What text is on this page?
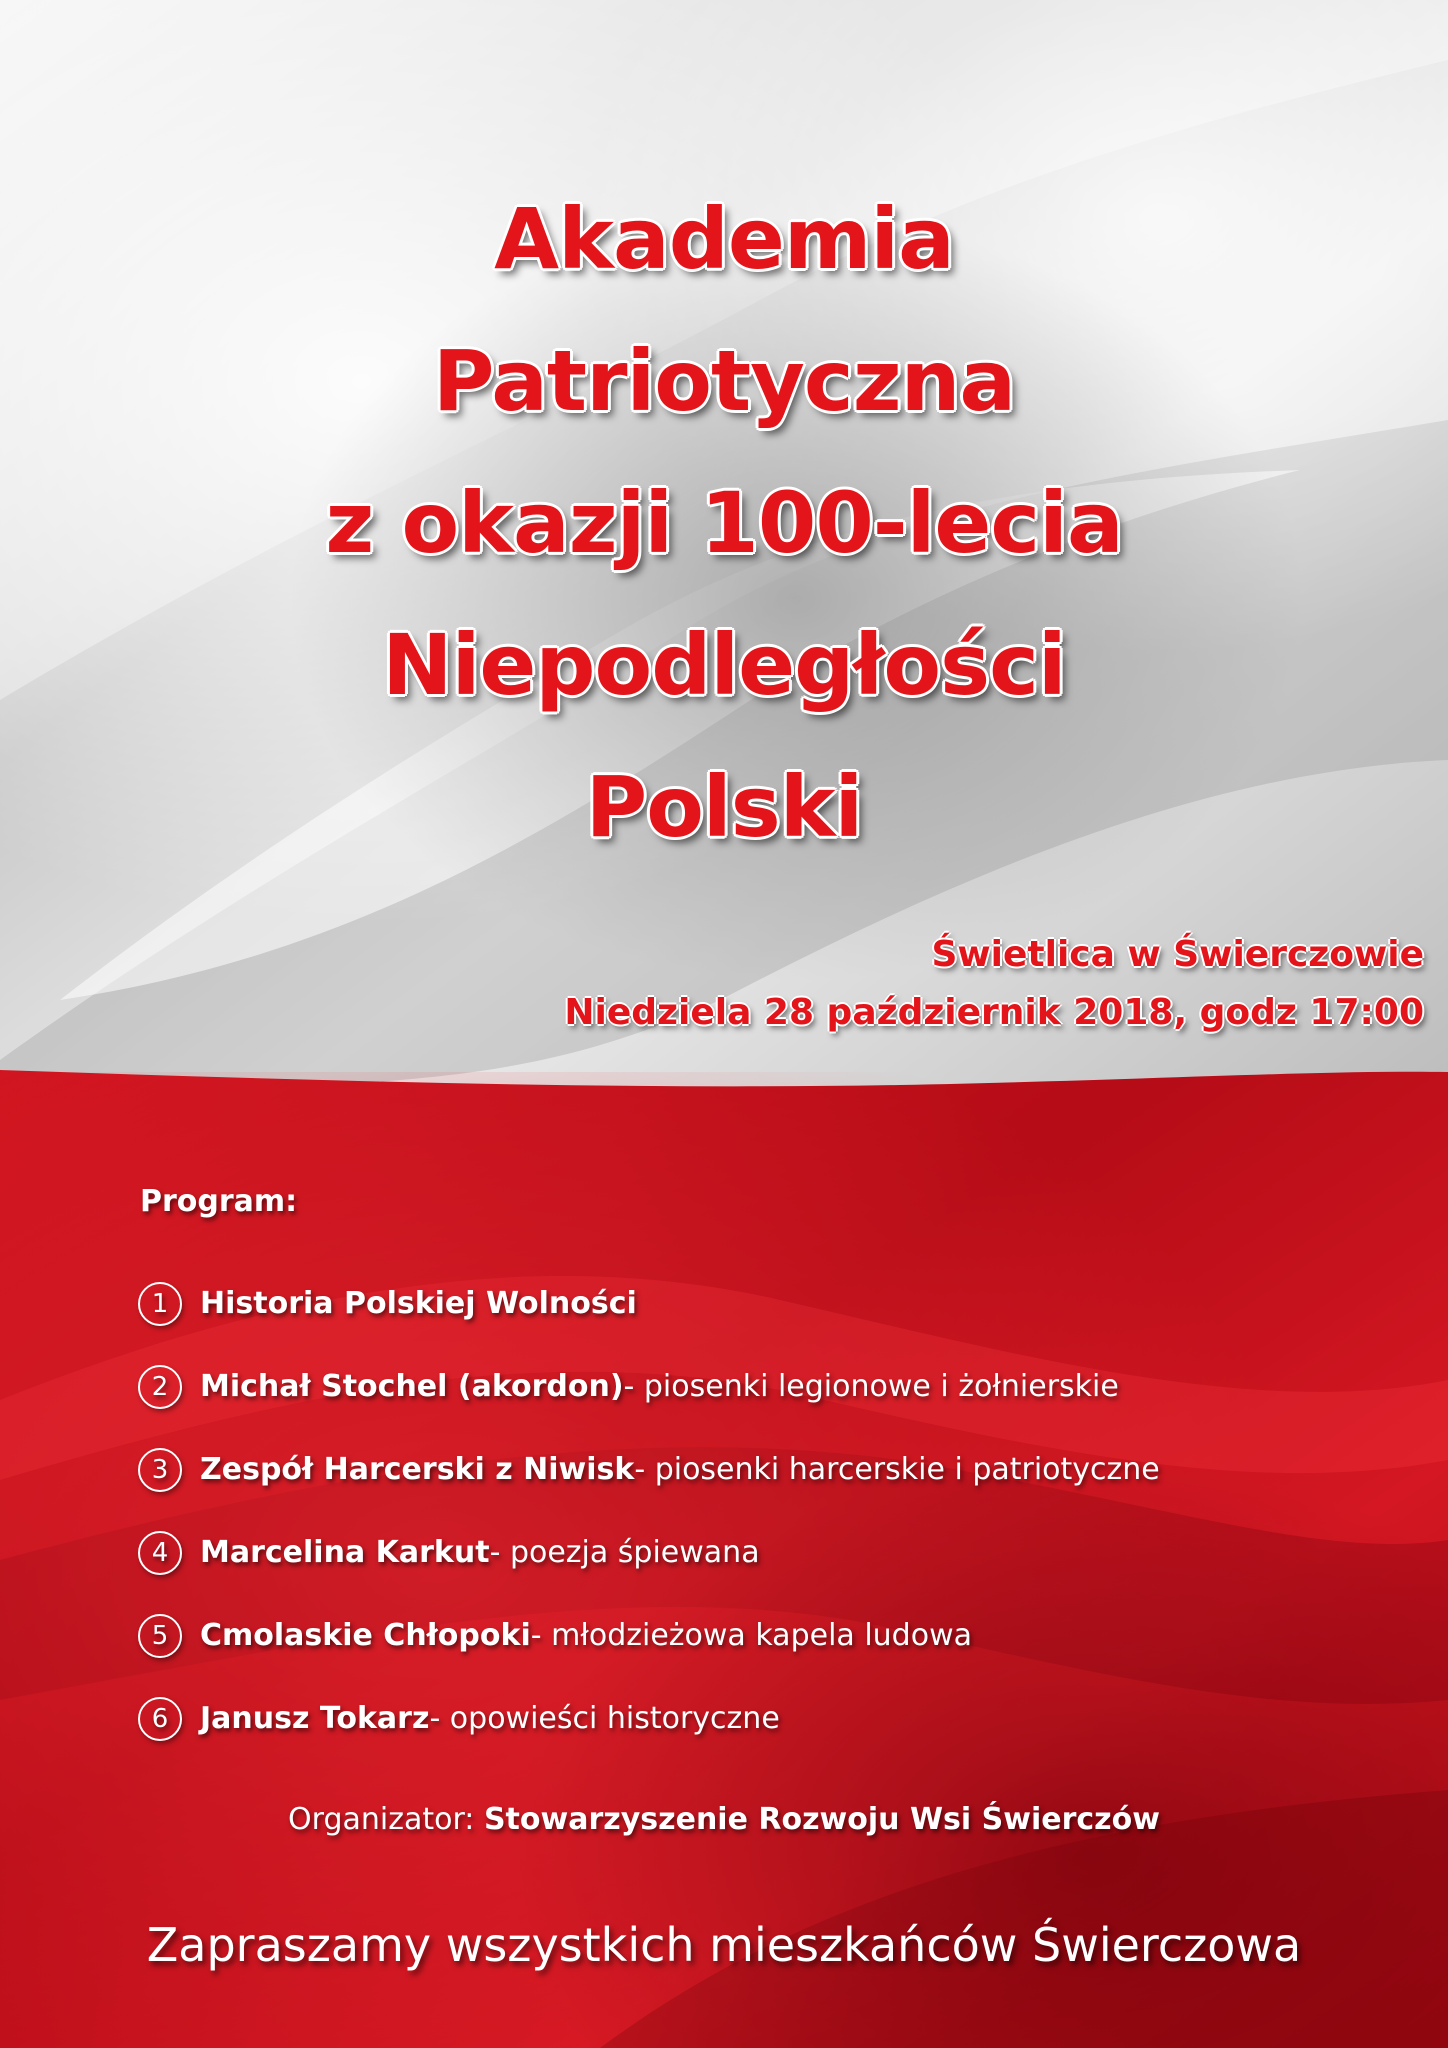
Akademia
Patriotyczna
z okazji 100-lecia
Niepodległości
Polski
Świetlica w Świerczowie
Niedziela 28 październik 2018, godz 17:00
Program:
1	Historia Polskiej Wolności
2	Michał Stochel (akordon) - piosenki legionowe i żołnierskie
3	Zespół Harcerski z Niwisk - piosenki harcerskie i patriotyczne
4	Marcelina Karkut - poezja śpiewana
5	Cmolaskie Chłopoki - młodzieżowa kapela ludowa
6	Janusz Tokarz - opowieści historyczne
Organizator: Stowarzyszenie Rozwoju Wsi Świerczów
Zapraszamy wszystkich mieszkańców Świerczowa
